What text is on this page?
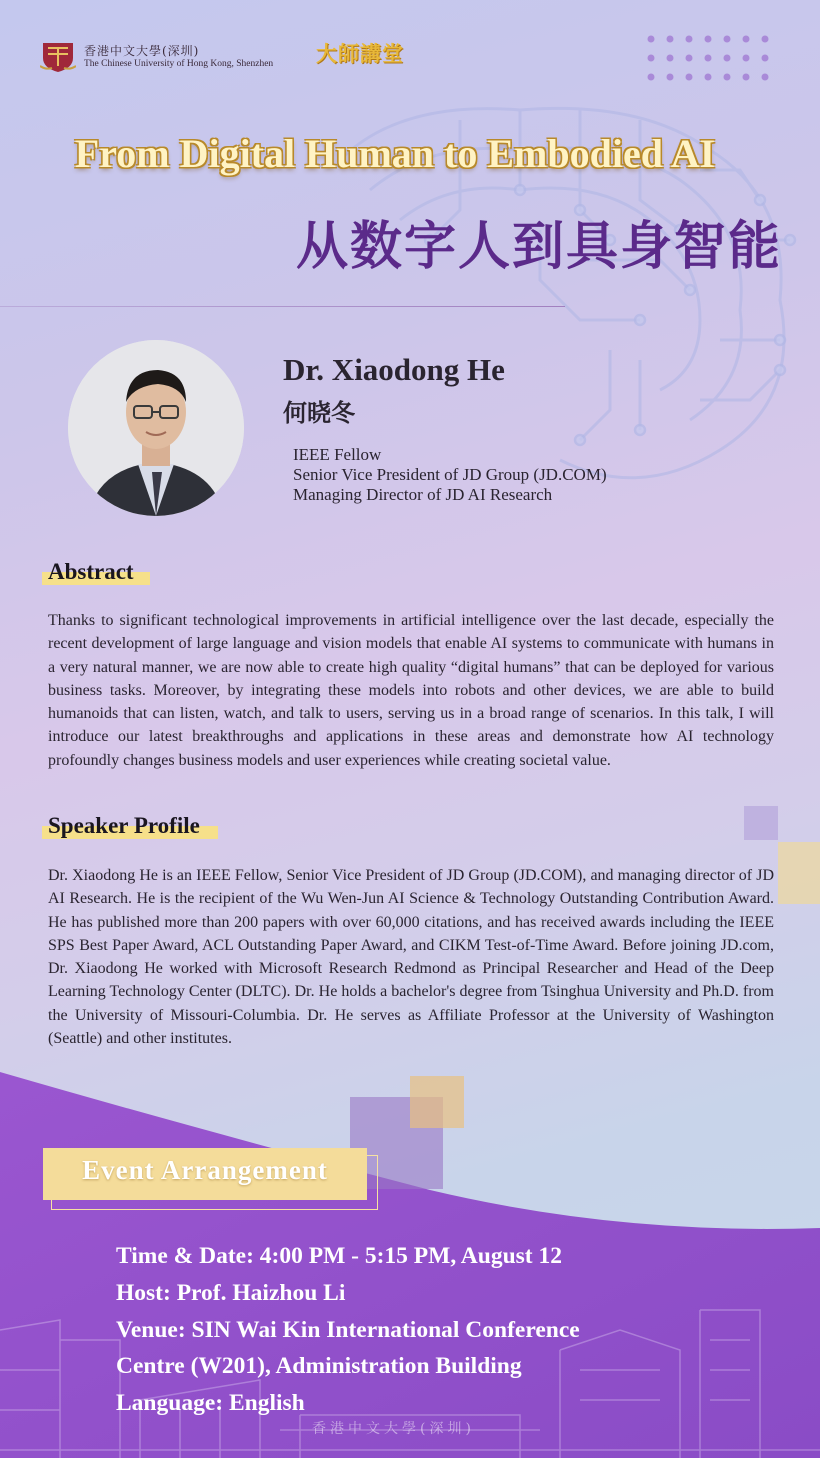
香港中文大學(深圳)
The Chinese University of Hong Kong, Shenzhen 大師講堂
From Digital Human to Embodied AI
从数字人到具身智能
Dr. Xiaodong He
何晓冬
IEEE Fellow
Senior Vice President of JD Group (JD.COM)
Managing Director of JD AI Research
Abstract

Thanks to significant technological improvements in artificial intelligence over the last decade, especially the recent development of large language and vision models that enable AI systems to communicate with humans in a very natural manner, we are now able to create high quality “digital humans” that can be deployed for various business tasks. Moreover, by integrating these models into robots and other devices, we are able to build humanoids that can listen, watch, and talk to users, serving us in a broad range of scenarios. In this talk, I will introduce our latest breakthroughs and applications in these areas and demonstrate how AI technology profoundly changes business models and user experiences while creating societal value.

Speaker Profile

Dr. Xiaodong He is an IEEE Fellow, Senior Vice President of JD Group (JD.COM), and managing director of JD AI Research. He is the recipient of the Wu Wen-Jun AI Science & Technology Outstanding Contribution Award. He has published more than 200 papers with over 60,000 citations, and has received awards including the IEEE SPS Best Paper Award, ACL Outstanding Paper Award, and CIKM Test-of-Time Award. Before joining JD.com, Dr. Xiaodong He worked with Microsoft Research Redmond as Principal Researcher and Head of the Deep Learning Technology Center (DLTC). Dr. He holds a bachelor's degree from Tsinghua University and Ph.D. from the University of Missouri-Columbia. Dr. He serves as Affiliate Professor at the University of Washington (Seattle) and other institutes.

香港中文大學(深圳)
Event Arrangement
Time & Date: 4:00 PM - 5:15 PM, August 12
Host: Prof. Haizhou Li
Venue: SIN Wai Kin International Conference
Centre (W201), Administration Building
Language: English
